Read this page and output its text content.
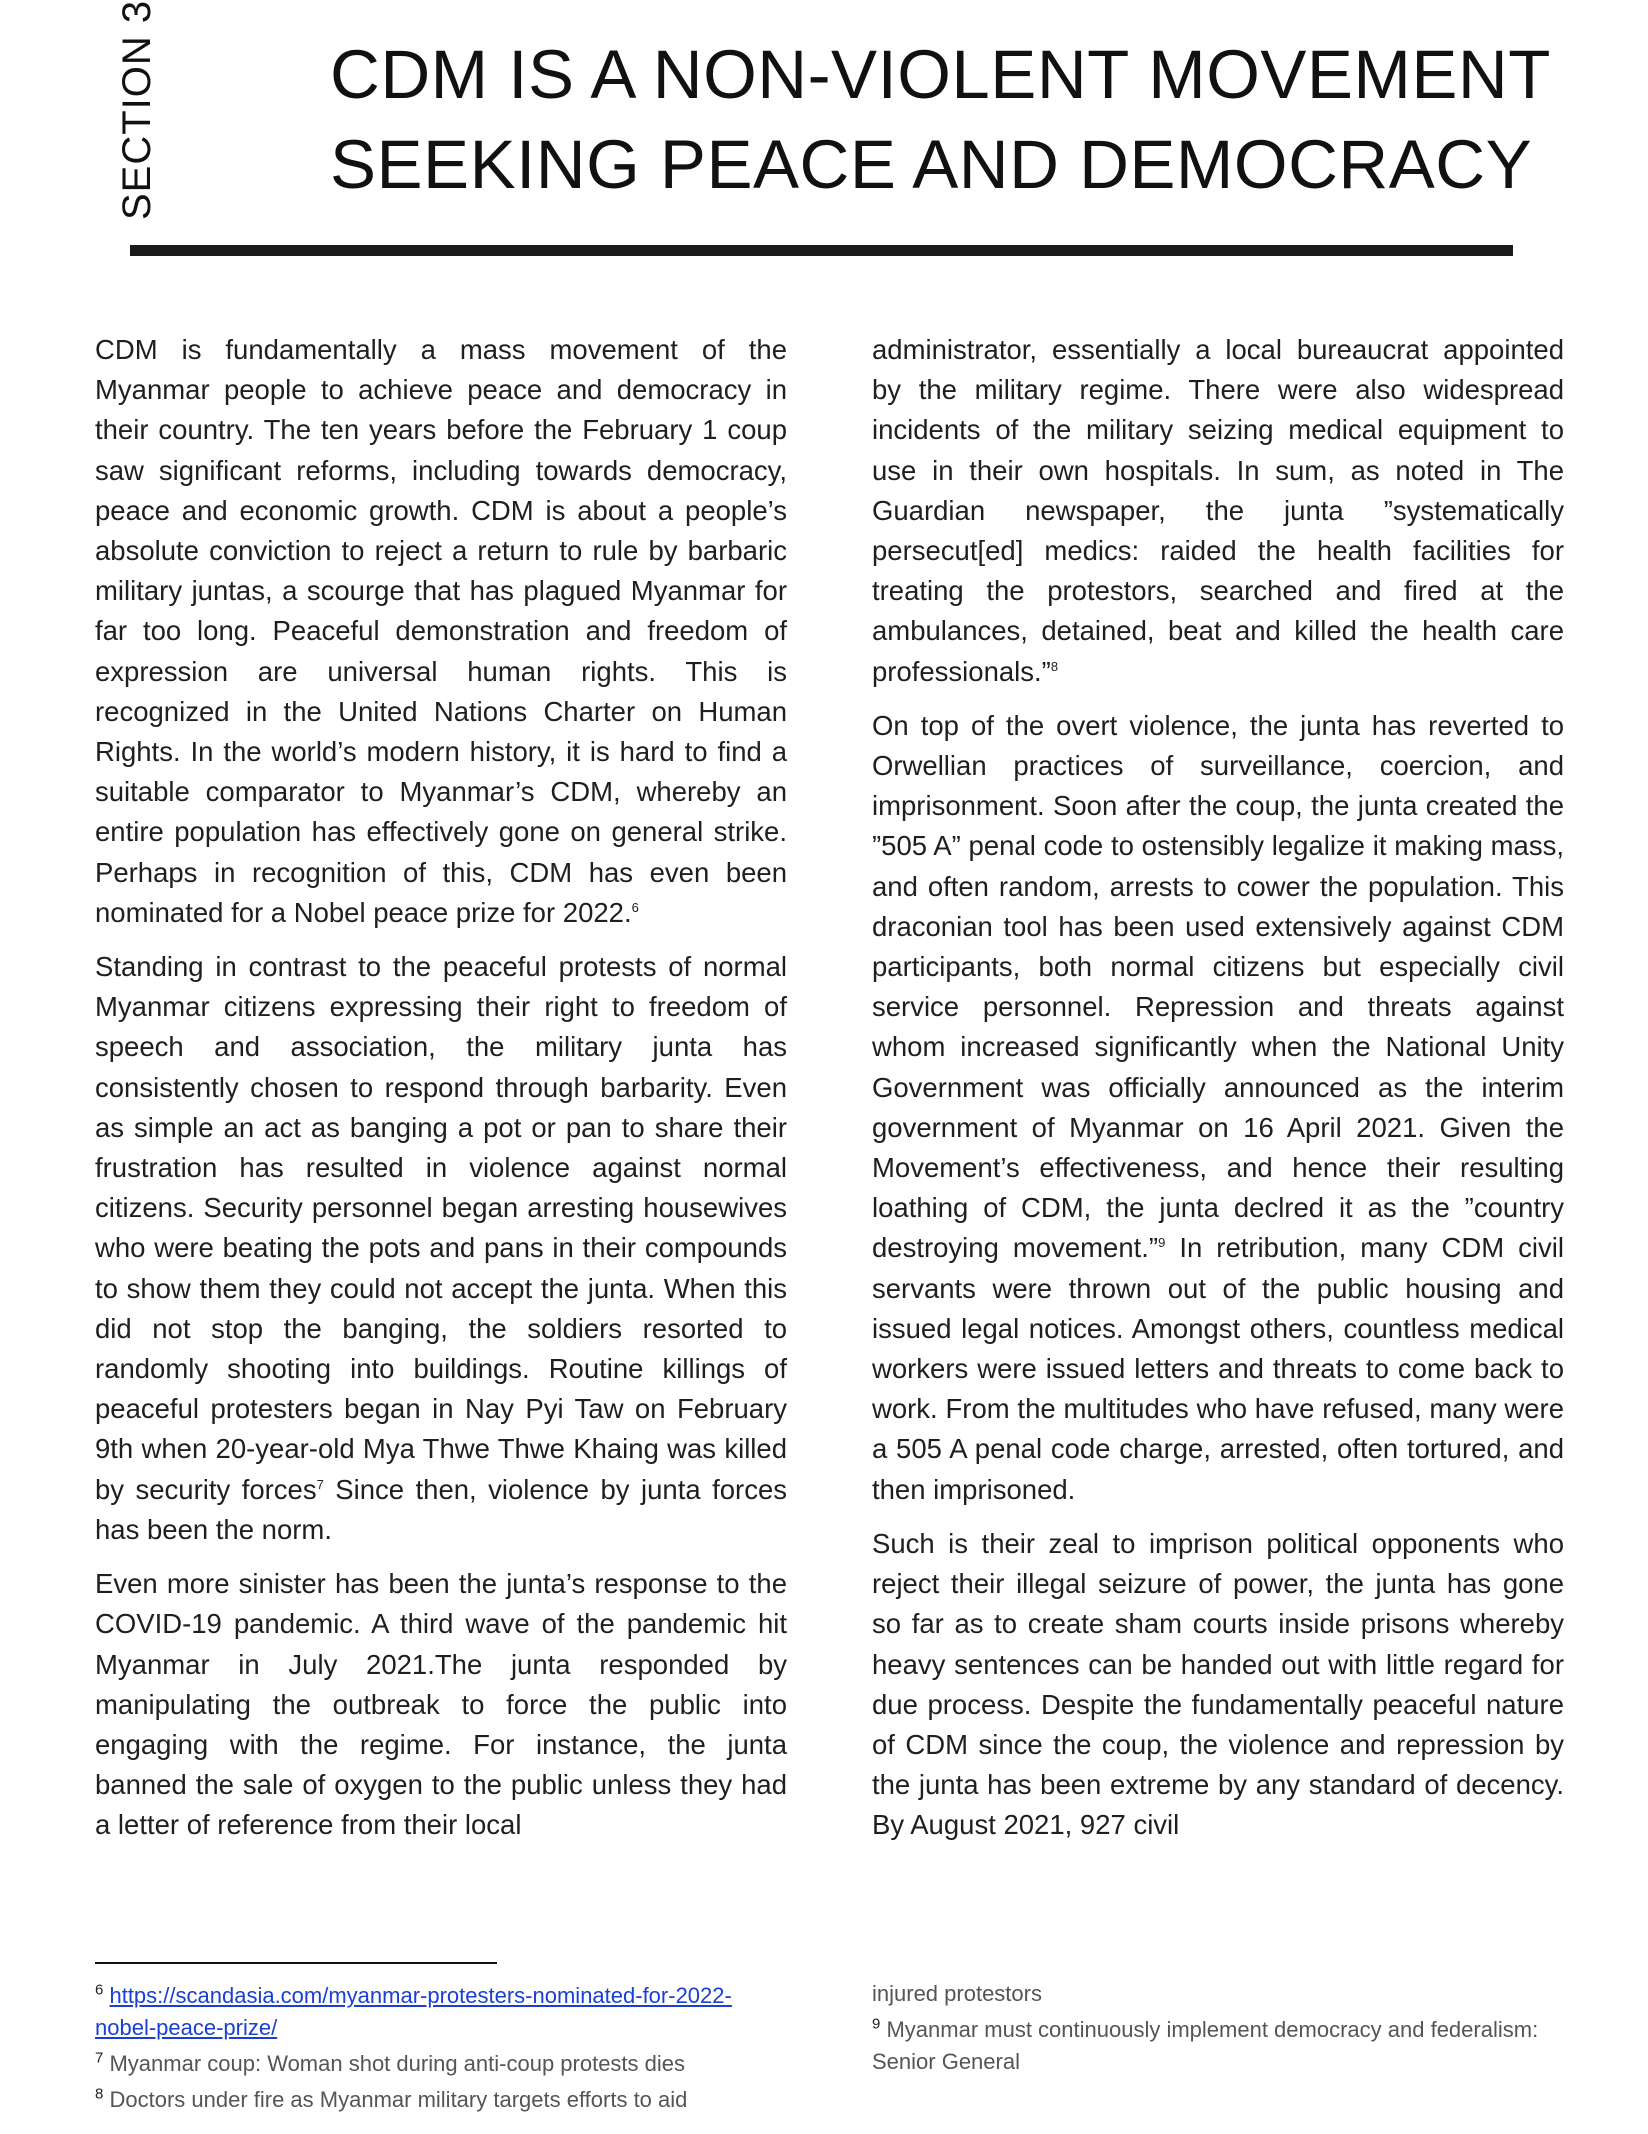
SECTION 3 CDM IS A NON-VIOLENT MOVEMENT
SEEKING PEACE AND DEMOCRACY

CDM is fundamentally a mass movement of the Myanmar people to achieve peace and democracy in their country. The ten years before the February 1 coup saw significant reforms, including towards democracy, peace and economic growth. CDM is about a people’s absolute conviction to reject a return to rule by barbaric military juntas, a scourge that has plagued Myanmar for far too long. Peaceful demonstration and freedom of expression are universal human rights. This is recognized in the United Nations Charter on Human Rights. In the world’s modern history, it is hard to find a suitable comparator to Myanmar’s CDM, whereby an entire population has effectively gone on general strike. Perhaps in recognition of this, CDM has even been nominated for a Nobel peace prize for 2022.$^6$

Standing in contrast to the peaceful protests of normal Myanmar citizens expressing their right to freedom of speech and association, the military junta has consistently chosen to respond through barbarity. Even as simple an act as banging a pot or pan to share their frustration has resulted in violence against normal citizens. Security personnel began arresting housewives who were beating the pots and pans in their compounds to show them they could not accept the junta. When this did not stop the banging, the soldiers resorted to randomly shooting into buildings. Routine killings of peaceful protesters began in Nay Pyi Taw on February 9th when 20-year-old Mya Thwe Thwe Khaing was killed by security forces$^7$ Since then, violence by junta forces has been the norm.

Even more sinister has been the junta’s response to the COVID-19 pandemic. A third wave of the pandemic hit Myanmar in July 2021.The junta responded by manipulating the outbreak to force the public into engaging with the regime. For instance, the junta banned the sale of oxygen to the public unless they had a letter of reference from their local

administrator, essentially a local bureaucrat appointed by the military regime. There were also widespread incidents of the military seizing medical equipment to use in their own hospitals. In sum, as noted in The Guardian newspaper, the junta ”systematically persecut[ed] medics: raided the health facilities for treating the protestors, searched and fired at the ambulances, detained, beat and killed the health care professionals.”$^8$

On top of the overt violence, the junta has reverted to Orwellian practices of surveillance, coercion, and imprisonment. Soon after the coup, the junta created the ”505 A” penal code to ostensibly legalize it making mass, and often random, arrests to cower the population. This draconian tool has been used extensively against CDM participants, both normal citizens but especially civil service personnel. Repression and threats against whom increased significantly when the National Unity Government was officially announced as the interim government of Myanmar on 16 April 2021. Given the Movement’s effectiveness, and hence their resulting loathing of CDM, the junta declred it as the ”country destroying movement.”$^9$ In retribution, many CDM civil servants were thrown out of the public housing and issued legal notices. Amongst others, countless medical workers were issued letters and threats to come back to work. From the multitudes who have refused, many were a 505 A penal code charge, arrested, often tortured, and then imprisoned.

Such is their zeal to imprison political opponents who reject their illegal seizure of power, the junta has gone so far as to create sham courts inside prisons whereby heavy sentences can be handed out with little regard for due process. Despite the fundamentally peaceful nature of CDM since the coup, the violence and repression by the junta has been extreme by any standard of decency. By August 2021, 927 civil

$^6$ https://scandasia.com/myanmar-protesters-nominated-for-2022-nobel-peace-prize/

$^7$ Myanmar coup: Woman shot during anti-coup protests dies

$^8$ Doctors under fire as Myanmar military targets efforts to aid

injured protestors

$^9$ Myanmar must continuously implement democracy and federalism: Senior General
